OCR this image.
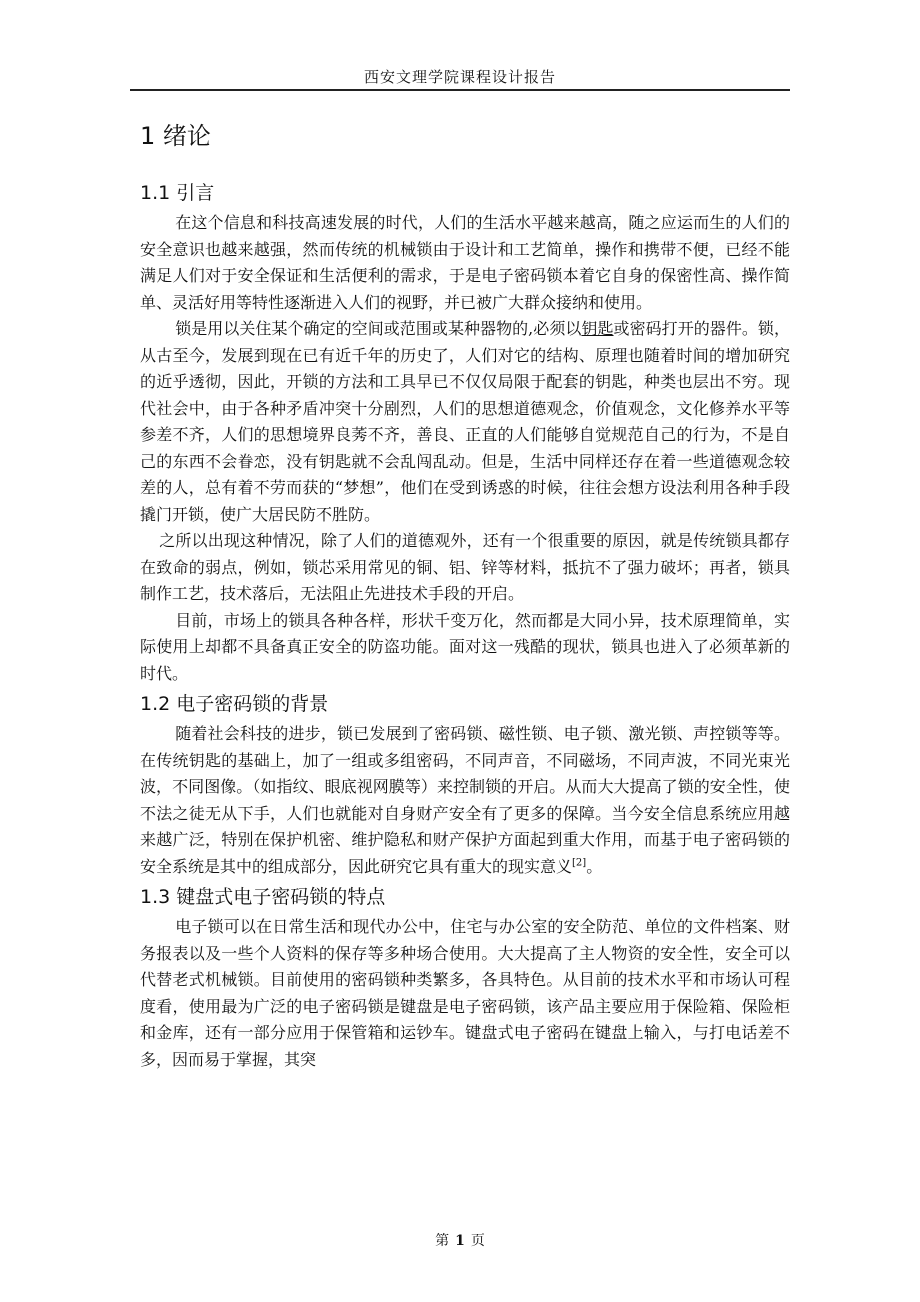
西安文理学院课程设计报告
1 绪论
1.1 引言

在这个信息和科技高速发展的时代，人们的生活水平越来越高，随之应运而生的人们的安全意识也越来越强，然而传统的机械锁由于设计和工艺简单，操作和携带不便，已经不能满足人们对于安全保证和生活便利的需求，于是电子密码锁本着它自身的保密性高、操作简单、灵活好用等特性逐渐进入人们的视野，并已被广大群众接纳和使用。

锁是用以关住某个确定的空间或范围或某种器物的,必须以钥匙或密码打开的器件。锁，从古至今，发展到现在已有近千年的历史了，人们对它的结构、原理也随着时间的增加研究的近乎透彻，因此，开锁的方法和工具早已不仅仅局限于配套的钥匙，种类也层出不穷。现代社会中，由于各种矛盾冲突十分剧烈，人们的思想道德观念，价值观念，文化修养水平等参差不齐，人们的思想境界良莠不齐，善良、正直的人们能够自觉规范自己的行为，不是自己的东西不会眷恋，没有钥匙就不会乱闯乱动。但是，生活中同样还存在着一些道德观念较差的人，总有着不劳而获的“梦想”，他们在受到诱惑的时候，往往会想方设法利用各种手段撬门开锁，使广大居民防不胜防。

之所以出现这种情况，除了人们的道德观外，还有一个很重要的原因，就是传统锁具都存在致命的弱点，例如，锁芯采用常见的铜、铝、锌等材料，抵抗不了强力破坏；再者，锁具制作工艺，技术落后，无法阻止先进技术手段的开启。

目前，市场上的锁具各种各样，形状千变万化，然而都是大同小异，技术原理简单，实际使用上却都不具备真正安全的防盗功能。面对这一残酷的现状，锁具也进入了必须革新的时代。

1.2 电子密码锁的背景

随着社会科技的进步，锁已发展到了密码锁、磁性锁、电子锁、激光锁、声控锁等等。在传统钥匙的基础上，加了一组或多组密码，不同声音，不同磁场，不同声波，不同光束光波，不同图像。（如指纹、眼底视网膜等）来控制锁的开启。从而大大提高了锁的安全性，使不法之徒无从下手，人们也就能对自身财产安全有了更多的保障。当今安全信息系统应用越来越广泛，特别在保护机密、维护隐私和财产保护方面起到重大作用，而基于电子密码锁的安全系统是其中的组成部分，因此研究它具有重大的现实意义[2]。

1.3 键盘式电子密码锁的特点

电子锁可以在日常生活和现代办公中，住宅与办公室的安全防范、单位的文件档案、财务报表以及一些个人资料的保存等多种场合使用。大大提高了主人物资的安全性，安全可以代替老式机械锁。目前使用的密码锁种类繁多，各具特色。从目前的技术水平和市场认可程度看，使用最为广泛的电子密码锁是键盘是电子密码锁，该产品主要应用于保险箱、保险柜和金库，还有一部分应用于保管箱和运钞车。键盘式电子密码在键盘上输入，与打电话差不多，因而易于掌握，其突

第 1 页
